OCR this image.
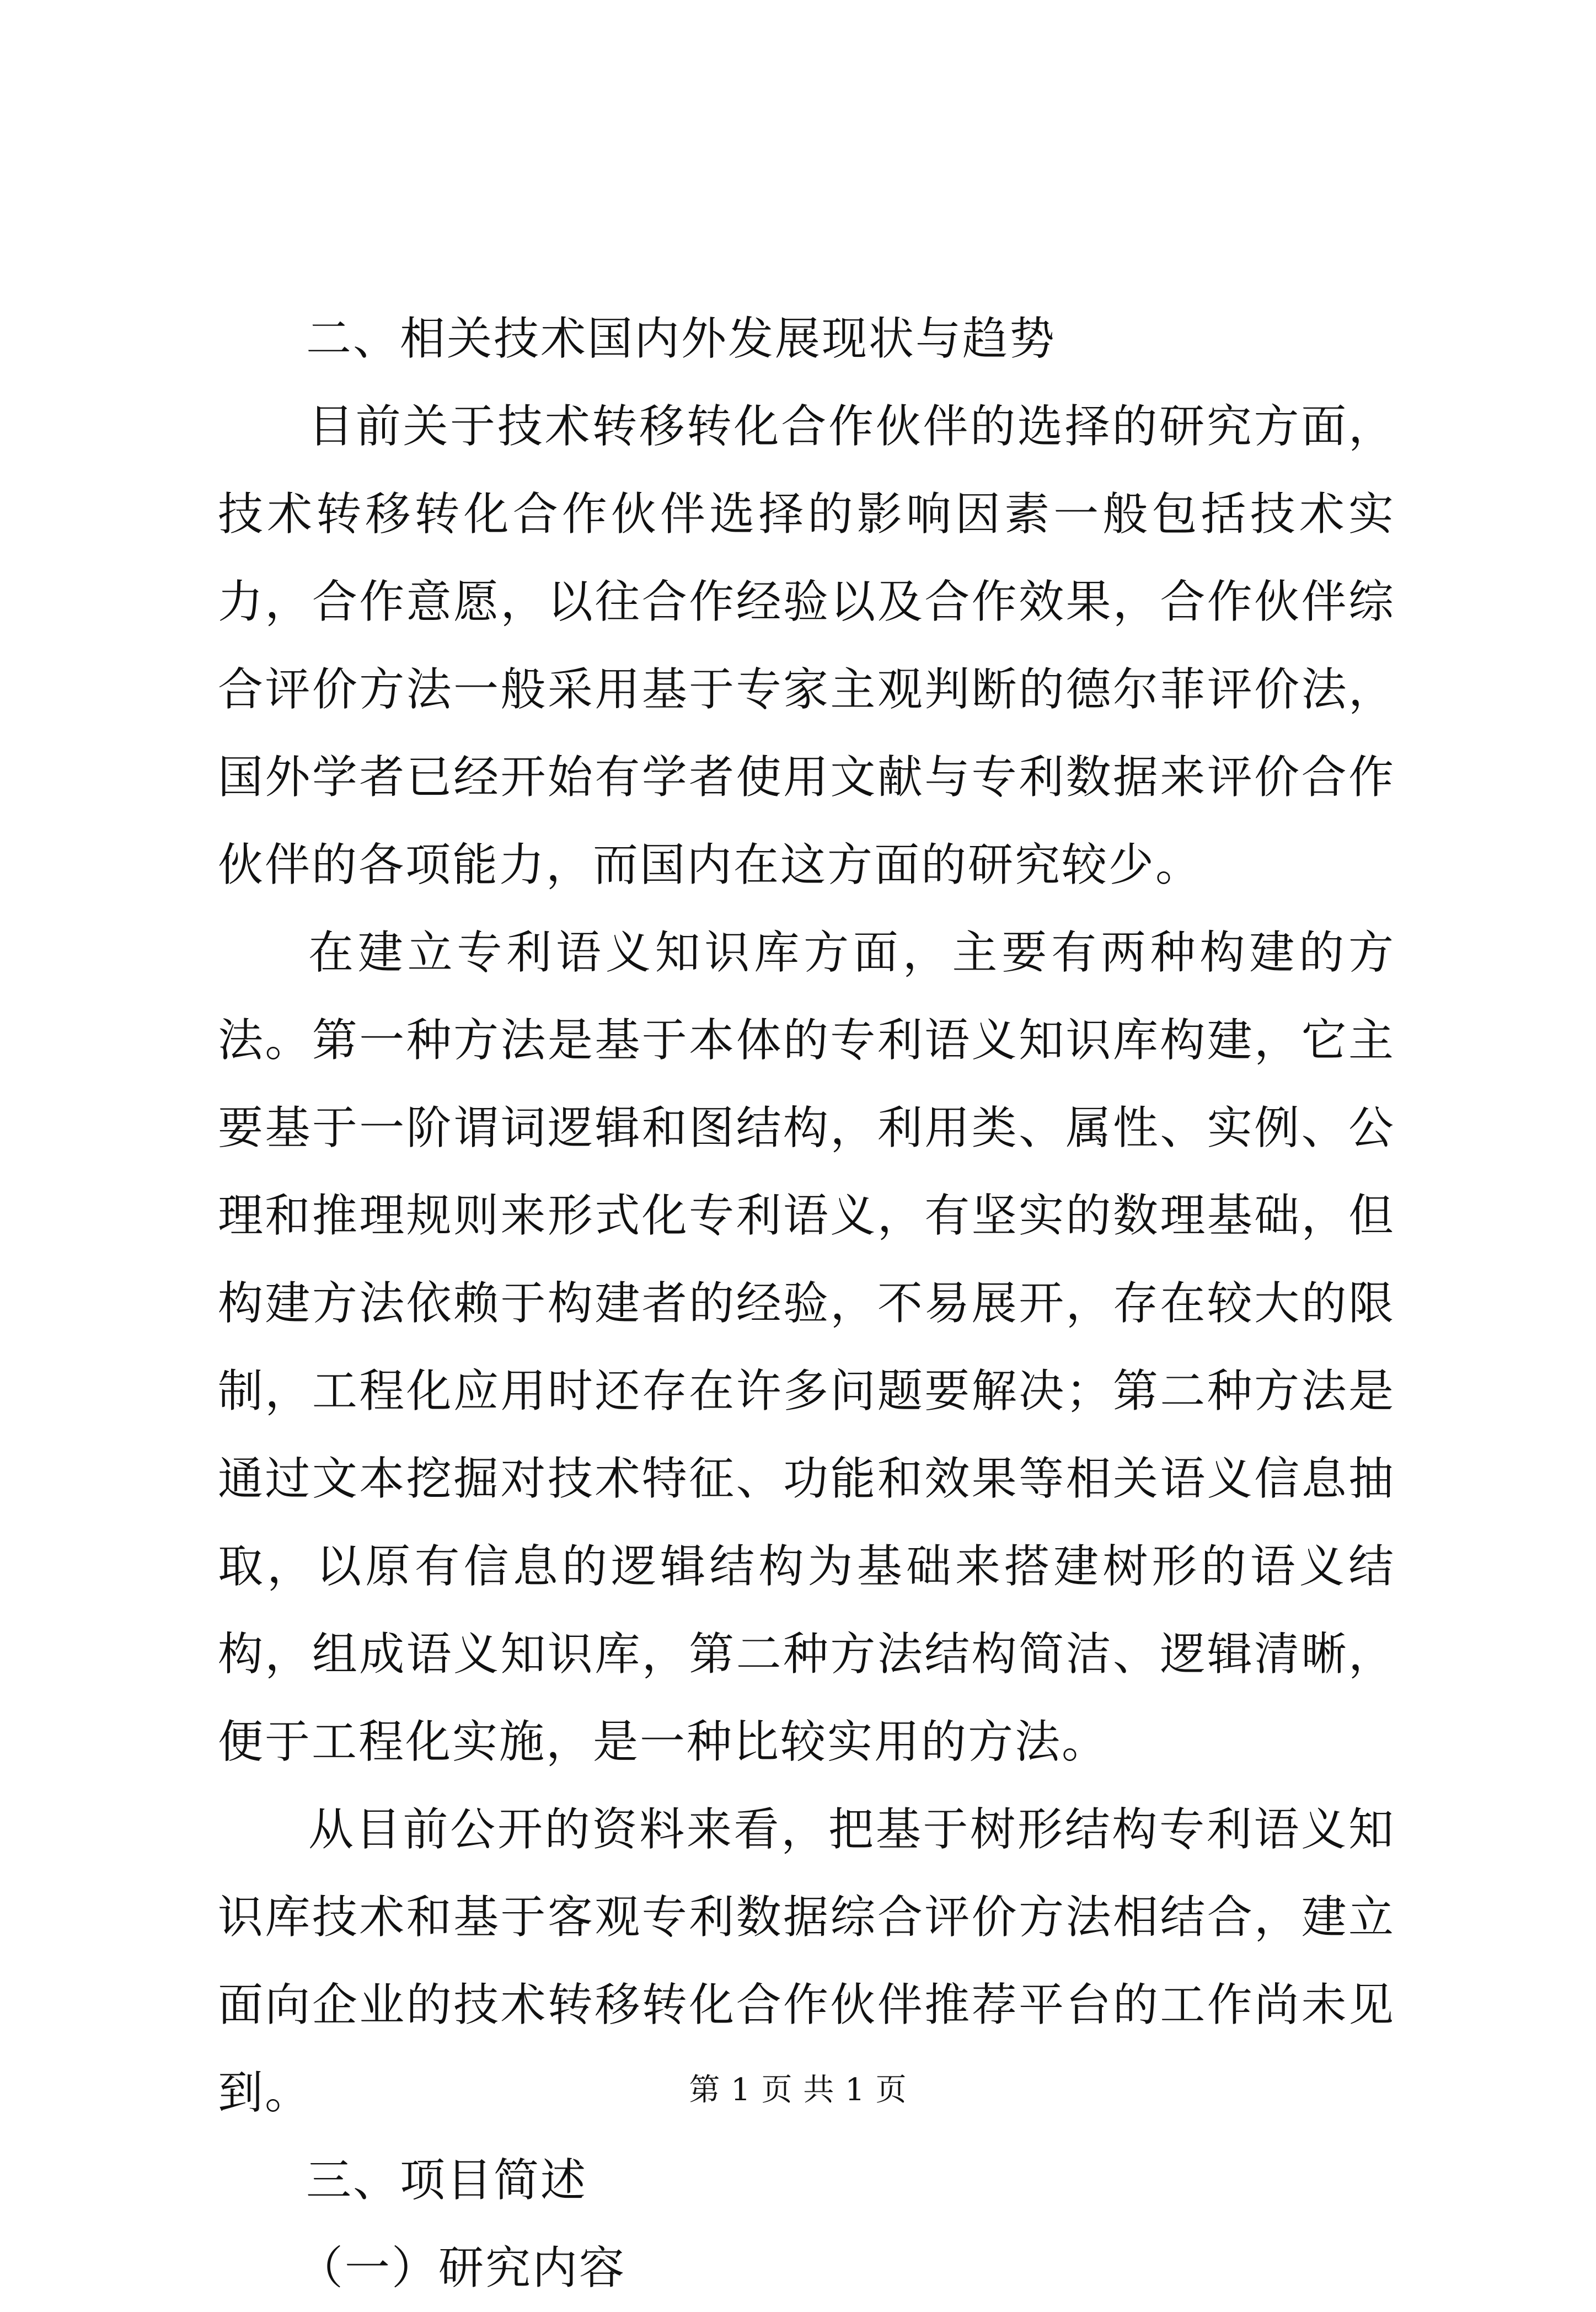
二、相关技术国内外发展现状与趋势

目前关于技术转移转化合作伙伴的选择的研究方面，技术转移转化合作伙伴选择的影响因素一般包括技术实力，合作意愿，以往合作经验以及合作效果，合作伙伴综合评价方法一般采用基于专家主观判断的德尔菲评价法，国外学者已经开始有学者使用文献与专利数据来评价合作伙伴的各项能力，而国内在这方面的研究较少。

在建立专利语义知识库方面，主要有两种构建的方法。第一种方法是基于本体的专利语义知识库构建，它主要基于一阶谓词逻辑和图结构，利用类、属性、实例、公理和推理规则来形式化专利语义，有坚实的数理基础，但构建方法依赖于构建者的经验，不易展开，存在较大的限制，工程化应用时还存在许多问题要解决；第二种方法是通过文本挖掘对技术特征、功能和效果等相关语义信息抽取，以原有信息的逻辑结构为基础来搭建树形的语义结构，组成语义知识库，第二种方法结构简洁、逻辑清晰，便于工程化实施，是一种比较实用的方法。

从目前公开的资料来看，把基于树形结构专利语义知识库技术和基于客观专利数据综合评价方法相结合，建立面向企业的技术转移转化合作伙伴推荐平台的工作尚未见到。

三、项目简述

（一）研究内容

第 1 页 共 1 页
